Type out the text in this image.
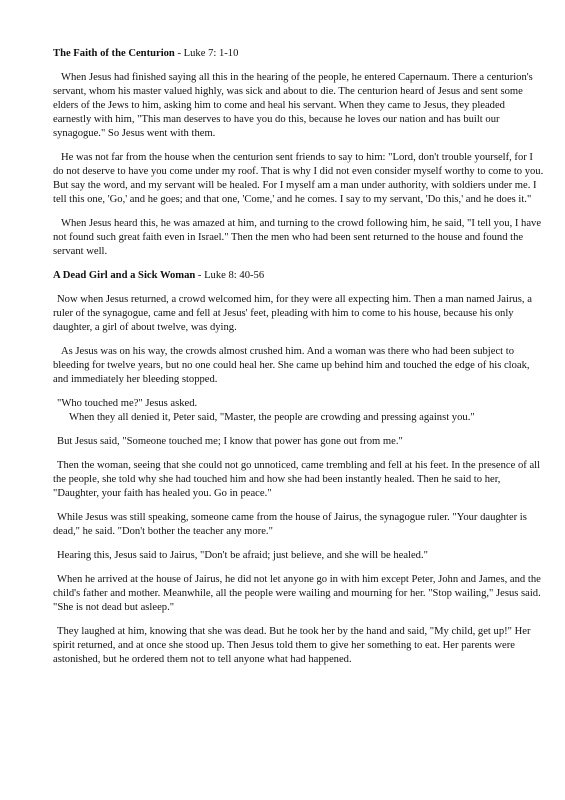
The Faith of the Centurion - Luke 7: 1-10

When Jesus had finished saying all this in the hearing of the people, he entered Capernaum. There a centurion's servant, whom his master valued highly, was sick and about to die. The centurion heard of Jesus and sent some elders of the Jews to him, asking him to come and heal his servant. When they came to Jesus, they pleaded earnestly with him, "This man deserves to have you do this, because he loves our nation and has built our synagogue." So Jesus went with them.

He was not far from the house when the centurion sent friends to say to him: "Lord, don't trouble yourself, for I do not deserve to have you come under my roof. That is why I did not even consider myself worthy to come to you. But say the word, and my servant will be healed. For I myself am a man under authority, with soldiers under me. I tell this one, 'Go,' and he goes; and that one, 'Come,' and he comes. I say to my servant, 'Do this,' and he does it."

When Jesus heard this, he was amazed at him, and turning to the crowd following him, he said, "I tell you, I have not found such great faith even in Israel." Then the men who had been sent returned to the house and found the servant well.

A Dead Girl and a Sick Woman - Luke 8: 40-56

Now when Jesus returned, a crowd welcomed him, for they were all expecting him. Then a man named Jairus, a ruler of the synagogue, came and fell at Jesus' feet, pleading with him to come to his house, because his only daughter, a girl of about twelve, was dying.

As Jesus was on his way, the crowds almost crushed him. And a woman was there who had been subject to bleeding for twelve years, but no one could heal her. She came up behind him and touched the edge of his cloak, and immediately her bleeding stopped.

"Who touched me?" Jesus asked.

When they all denied it, Peter said, "Master, the people are crowding and pressing against you."

But Jesus said, "Someone touched me; I know that power has gone out from me."

Then the woman, seeing that she could not go unnoticed, came trembling and fell at his feet. In the presence of all the people, she told why she had touched him and how she had been instantly healed. Then he said to her, "Daughter, your faith has healed you. Go in peace."

While Jesus was still speaking, someone came from the house of Jairus, the synagogue ruler. "Your daughter is dead," he said. "Don't bother the teacher any more."

Hearing this, Jesus said to Jairus, "Don't be afraid; just believe, and she will be healed."

When he arrived at the house of Jairus, he did not let anyone go in with him except Peter, John and James, and the child's father and mother. Meanwhile, all the people were wailing and mourning for her. "Stop wailing," Jesus said. "She is not dead but asleep."

They laughed at him, knowing that she was dead. But he took her by the hand and said, "My child, get up!" Her spirit returned, and at once she stood up. Then Jesus told them to give her something to eat. Her parents were astonished, but he ordered them not to tell anyone what had happened.
